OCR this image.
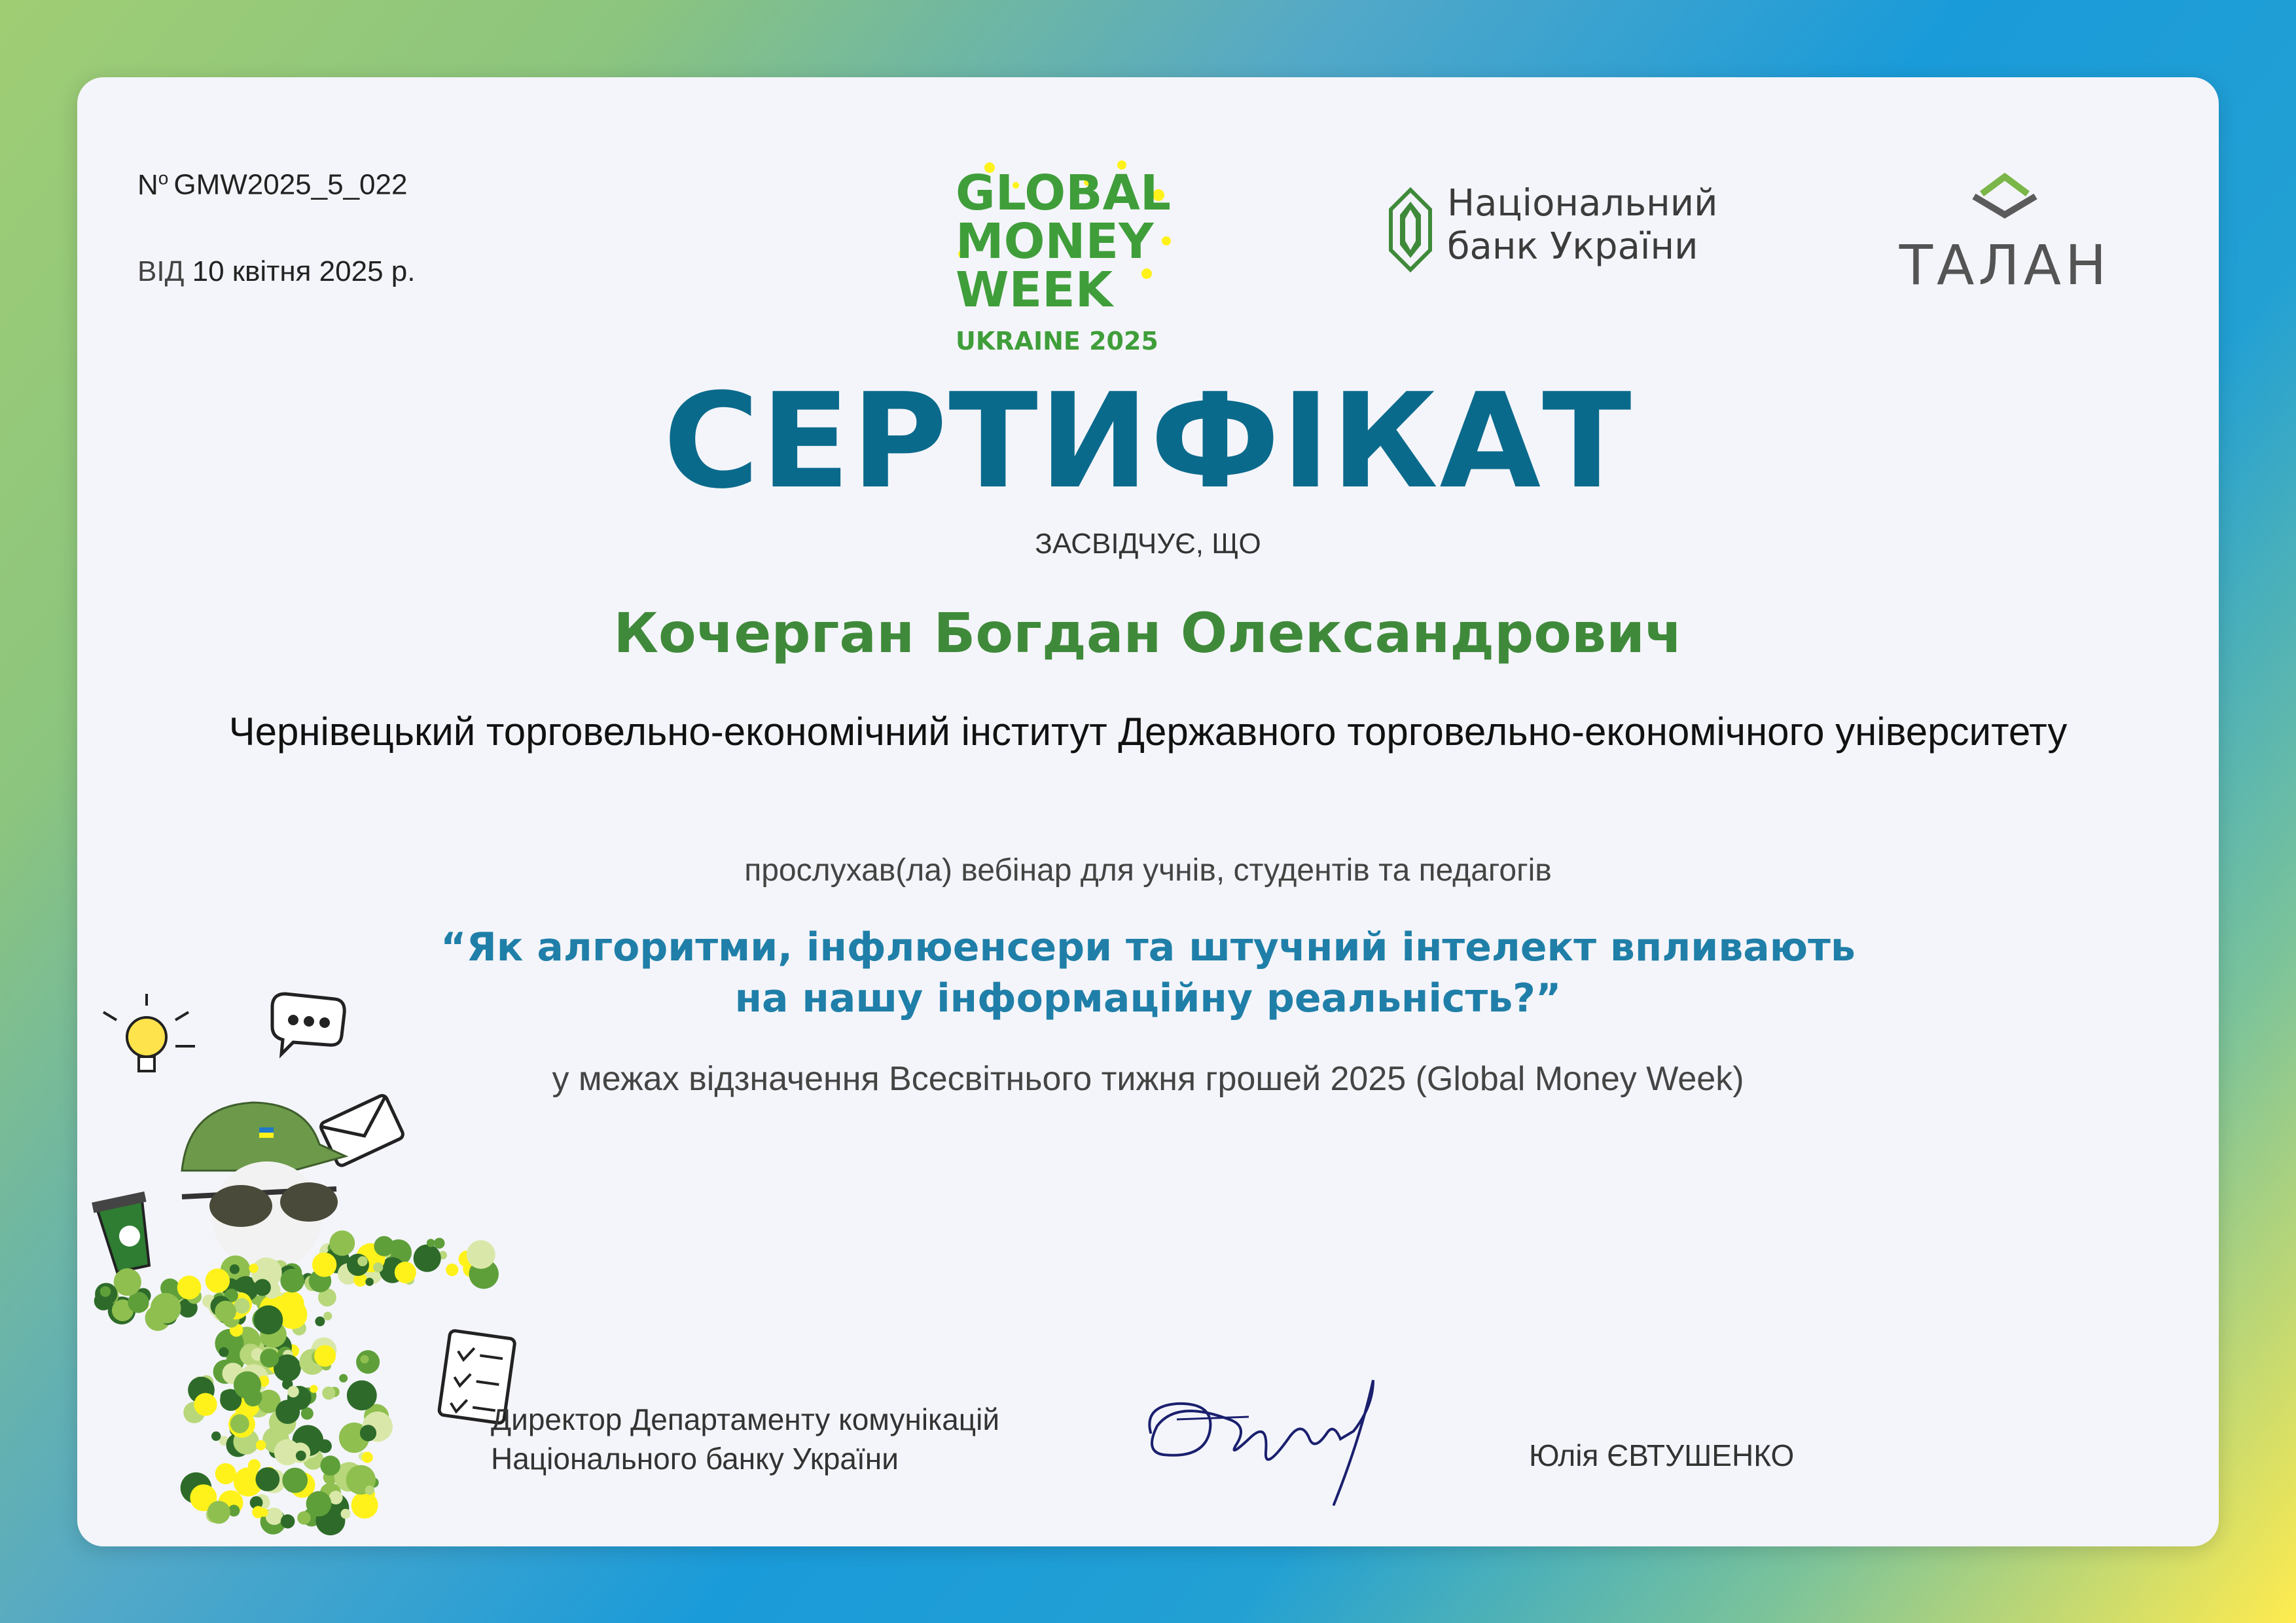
$N^o$ GMW2025_5_022
ВІД 10 квітня 2025 р.
GLOBAL
MONEY
WEEK
UKRAINE 2025
Національний
банк України	ТАЛАН
СЕРТИФІКАТ
ЗАСВІДЧУЄ, ЩО
Кочерган Богдан Олександрович
Чернівецький торговельно-економічний інститут Державного торговельно-економічного університету
прослухав(ла) вебінар для учнів, студентів та педагогів
“Як алгоритми, інфлюенсери та штучний інтелект впливають
на нашу інформаційну реальність?”
у межах відзначення Всесвітнього тижня грошей 2025 (Global Money Week)
Директор Департаменту комунікацій
Національного банку України	Юлія ЄВТУШЕНКО
